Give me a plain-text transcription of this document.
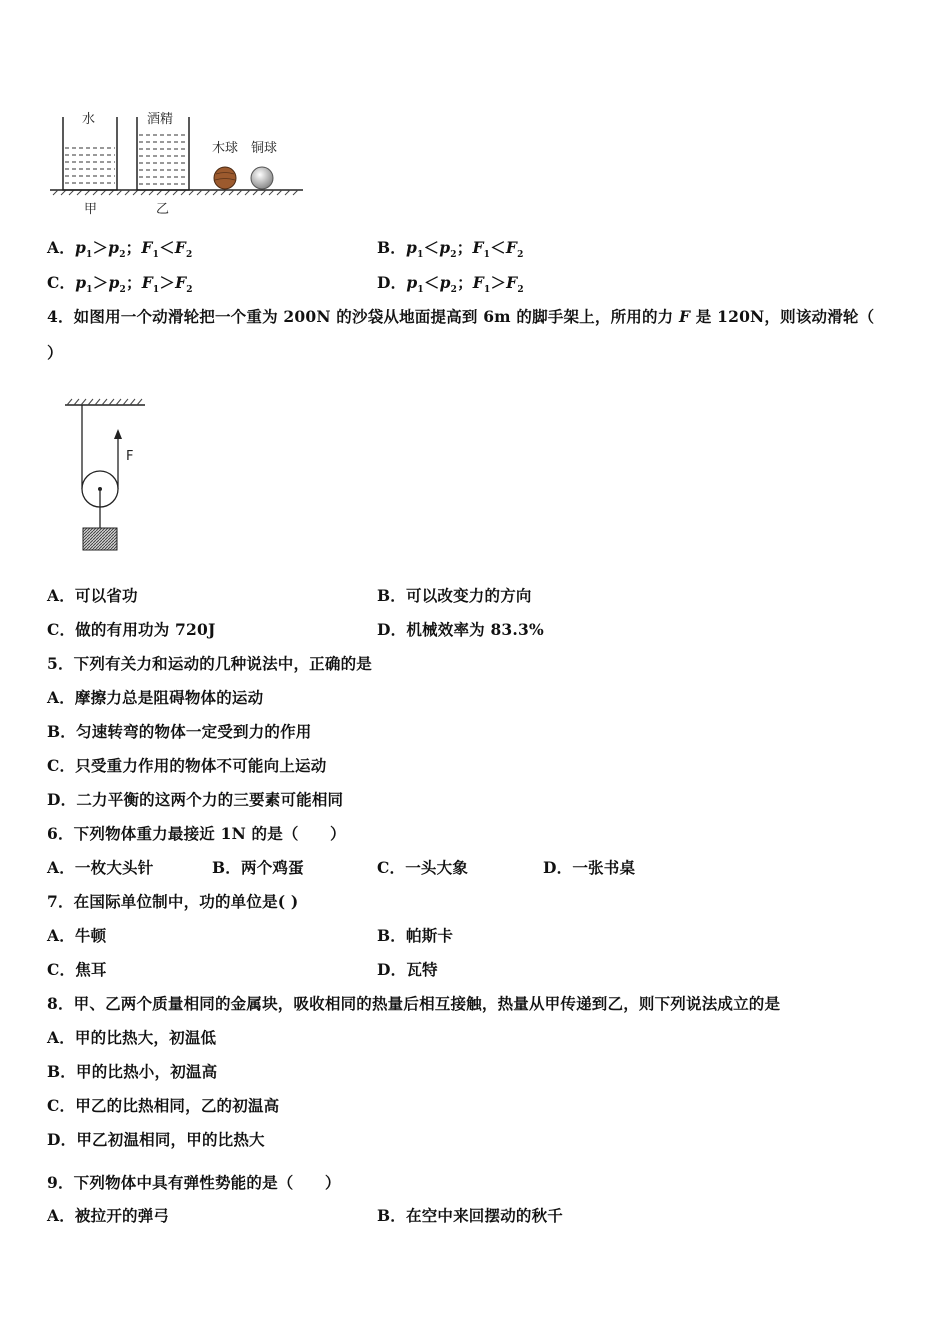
水	酒精
木球 铜球
甲	乙
A．$p_1>p_2$；$F_1<F_2$	B．$p_1<p_2$；$F_1<F_2$
C．$p_1>p_2$；$F_1>F_2$	D．$p_1<p_2$；$F_1>F_2$
4．如图用一个动滑轮把一个重为 200N 的沙袋从地面提高到 6m 的脚手架上，所用的力 F 是 120N，则该动滑轮（
）
F
A．可以省功	B．可以改变力的方向
C．做的有用功为 720J	D．机械效率为 83.3%
5．下列有关力和运动的几种说法中，正确的是
A．摩擦力总是阻碍物体的运动
B．匀速转弯的物体一定受到力的作用
C．只受重力作用的物体不可能向上运动
D．二力平衡的这两个力的三要素可能相同
6．下列物体重力最接近 1N 的是（　　）
A．一枚大头针	B．两个鸡蛋	C．一头大象	D．一张书桌
7．在国际单位制中，功的单位是( )
A．牛顿	B．帕斯卡
C．焦耳	D．瓦特
8．甲、乙两个质量相同的金属块，吸收相同的热量后相互接触，热量从甲传递到乙，则下列说法成立的是
A．甲的比热大，初温低
B．甲的比热小，初温高
C．甲乙的比热相同，乙的初温高
D．甲乙初温相同，甲的比热大
9．下列物体中具有弹性势能的是（　　）
A．被拉开的弹弓	B．在空中来回摆动的秋千
